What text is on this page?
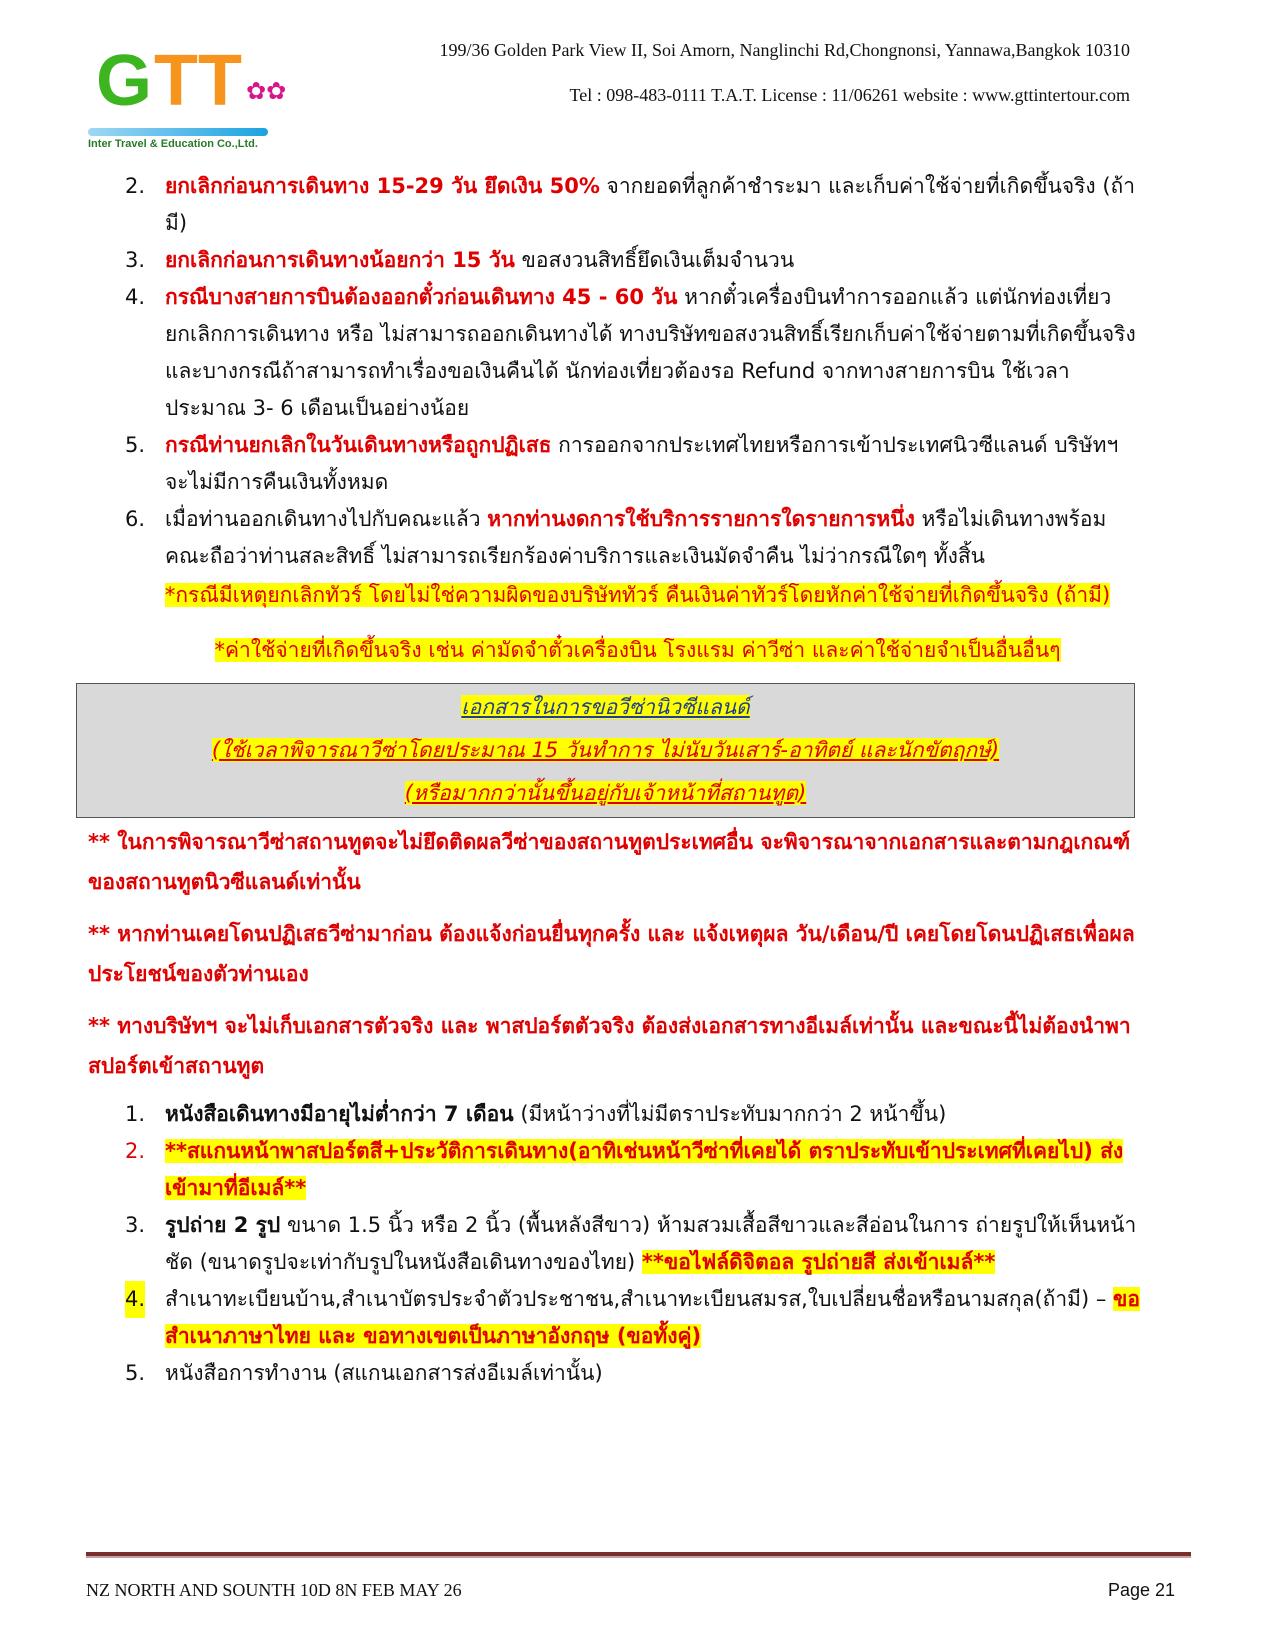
G TT ✿✿
Inter Travel & Education Co.,Ltd.
199/36 Golden Park View II, Soi Amorn, Nanglinchi Rd,Chongnonsi, Yannawa,Bangkok 10310
Tel : 098-483-0111 T.A.T. License : 11/06261 website : www.gttintertour.com
2. ยกเลิกก่อนการเดินทาง 15-29 วัน ยึดเงิน 50% จากยอดที่ลูกค้าชำระมา และเก็บค่าใช้จ่ายที่เกิดขึ้นจริง (ถ้ามี)
3. ยกเลิกก่อนการเดินทางน้อยกว่า 15 วัน ขอสงวนสิทธิ์ยึดเงินเต็มจำนวน
4. กรณีบางสายการบินต้องออกตั๋วก่อนเดินทาง 45 - 60 วัน หากตั๋วเครื่องบินทำการออกแล้ว แต่นักท่องเที่ยวยกเลิกการเดินทาง หรือ ไม่สามารถออกเดินทางได้ ทางบริษัทขอสงวนสิทธิ์เรียกเก็บค่าใช้จ่ายตามที่เกิดขึ้นจริง และบางกรณีถ้าสามารถทำเรื่องขอเงินคืนได้ นักท่องเที่ยวต้องรอ Refund จากทางสายการบิน ใช้เวลาประมาณ 3- 6 เดือนเป็นอย่างน้อย
5. กรณีท่านยกเลิกในวันเดินทางหรือถูกปฏิเสธ การออกจากประเทศไทยหรือการเข้าประเทศนิวซีแลนด์ บริษัทฯ จะไม่มีการคืนเงินทั้งหมด
6. เมื่อท่านออกเดินทางไปกับคณะแล้ว หากท่านงดการใช้บริการรายการใดรายการหนึ่ง หรือไม่เดินทางพร้อมคณะถือว่าท่านสละสิทธิ์ ไม่สามารถเรียกร้องค่าบริการและเงินมัดจำคืน ไม่ว่ากรณีใดๆ ทั้งสิ้น
*กรณีมีเหตุยกเลิกทัวร์ โดยไม่ใช่ความผิดของบริษัททัวร์ คืนเงินค่าทัวร์โดยหักค่าใช้จ่ายที่เกิดขึ้นจริง (ถ้ามี)
*ค่าใช้จ่ายที่เกิดขึ้นจริง เช่น ค่ามัดจำตั๋วเครื่องบิน โรงแรม ค่าวีซ่า และค่าใช้จ่ายจำเป็นอื่นอื่นๆ
เอกสารในการขอวีซ่านิวซีแลนด์
(ใช้เวลาพิจารณาวีซ่าโดยประมาณ 15 วันทำการ ไม่นับวันเสาร์-อาทิตย์ และนักขัตฤกษ์)
(หรือมากกว่านั้นขึ้นอยู่กับเจ้าหน้าที่สถานทูต)
** ในการพิจารณาวีซ่าสถานทูตจะไม่ยึดติดผลวีซ่าของสถานทูตประเทศอื่น จะพิจารณาจากเอกสารและตามกฎเกณฑ์ของสถานทูตนิวซีแลนด์เท่านั้น
** หากท่านเคยโดนปฏิเสธวีซ่ามาก่อน ต้องแจ้งก่อนยื่นทุกครั้ง และ แจ้งเหตุผล วัน/เดือน/ปี เคยโดยโดนปฏิเสธเพื่อผลประโยชน์ของตัวท่านเอง
** ทางบริษัทฯ จะไม่เก็บเอกสารตัวจริง และ พาสปอร์ตตัวจริง ต้องส่งเอกสารทางอีเมล์เท่านั้น และขณะนี้ไม่ต้องนำพาสปอร์ตเข้าสถานทูต
1. หนังสือเดินทางมีอายุไม่ต่ำกว่า 7 เดือน (มีหน้าว่างที่ไม่มีตราประทับมากกว่า 2 หน้าขึ้น)
2. **สแกนหน้าพาสปอร์ตสี+ประวัติการเดินทาง(อาทิเช่นหน้าวีซ่าที่เคยได้ ตราประทับเข้าประเทศที่เคยไป) ส่งเข้ามาที่อีเมล์**
3. รูปถ่าย 2 รูป ขนาด 1.5 นิ้ว หรือ 2 นิ้ว (พื้นหลังสีขาว) ห้ามสวมเสื้อสีขาวและสีอ่อนในการ ถ่ายรูปให้เห็นหน้าชัด (ขนาดรูปจะเท่ากับรูปในหนังสือเดินทางของไทย) **ขอไฟล์ดิจิตอล รูปถ่ายสี ส่งเข้าเมล์**
4. สำเนาทะเบียนบ้าน,สำเนาบัตรประจำตัวประชาชน,สำเนาทะเบียนสมรส,ใบเปลี่ยนชื่อหรือนามสกุล(ถ้ามี) – ขอสำเนาภาษาไทย และ ขอทางเขตเป็นภาษาอังกฤษ (ขอทั้งคู่)
5. หนังสือการทำงาน (สแกนเอกสารส่งอีเมล์เท่านั้น)
NZ NORTH AND SOUNTH 10D 8N FEB MAY 26	Page 21
